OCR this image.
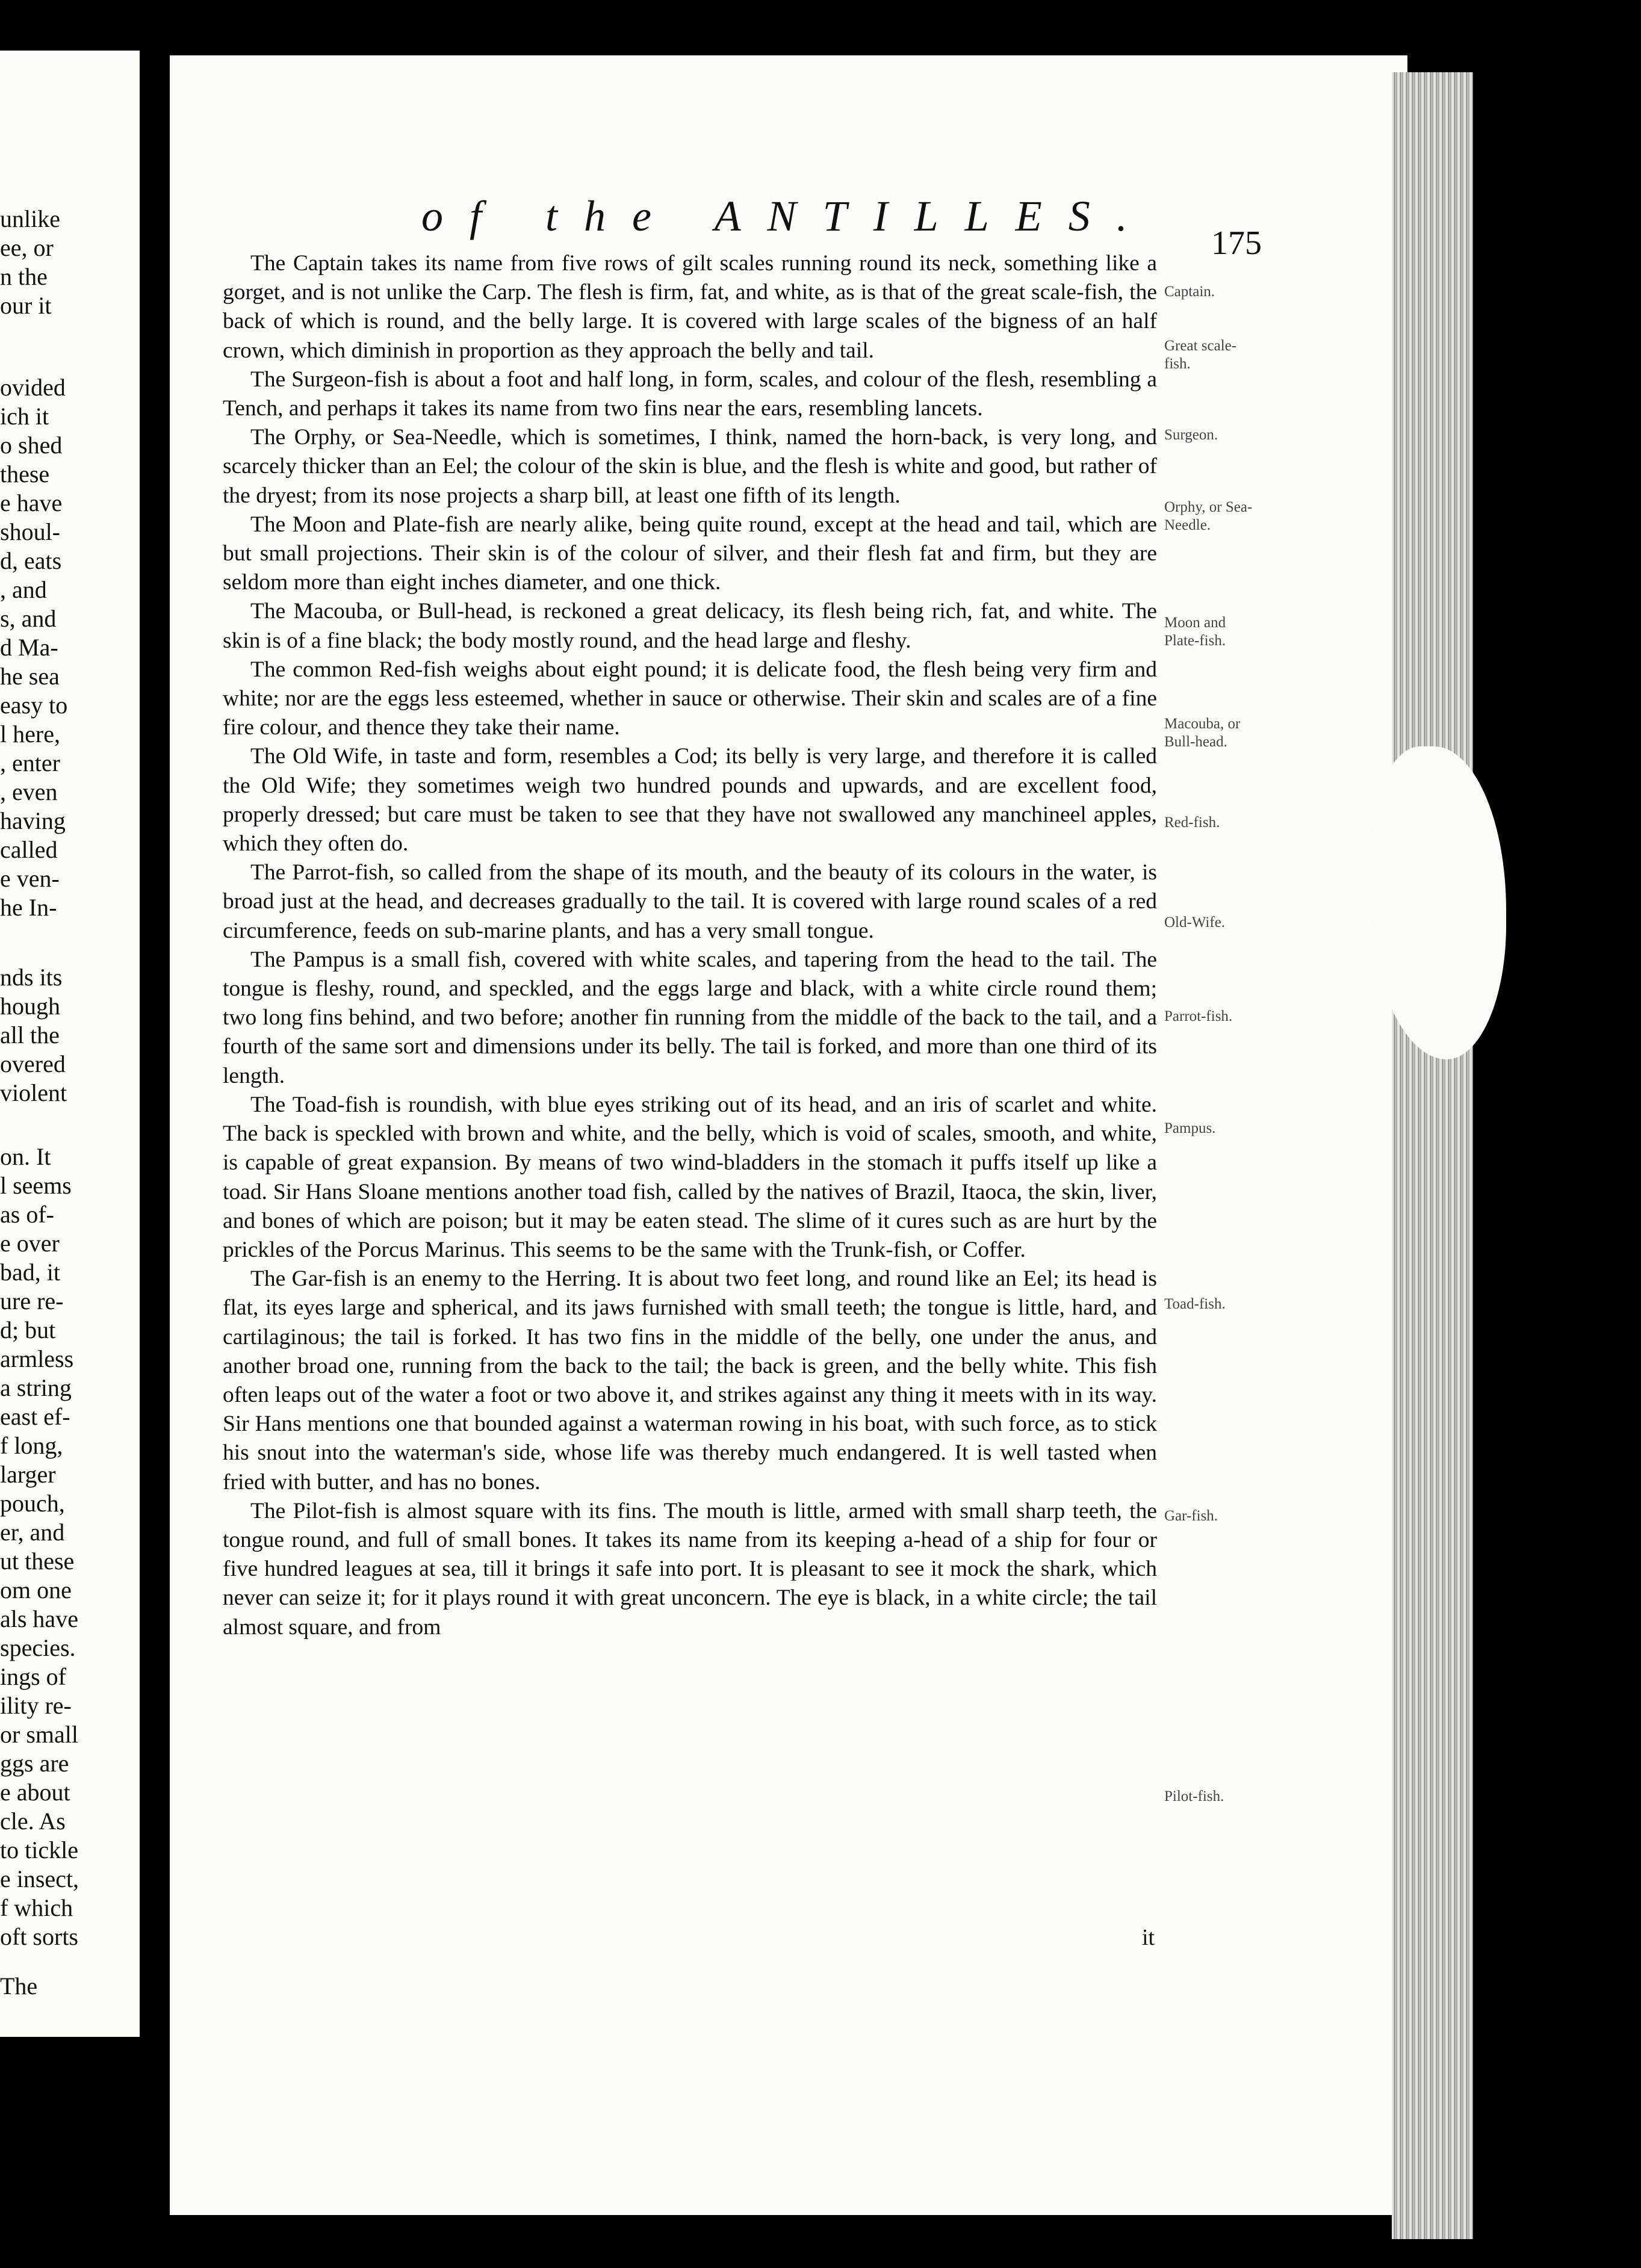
unlike
ee, or
n the
our it
ovided
ich it
o shed
these
e have
shoul-
d, eats
, and
s, and
d Ma-
he sea
easy to
l here,
, enter
, even
having
called
e ven-
he In-
nds its
hough
all the
overed
violent
on. It
l seems
as of-
e over
bad, it
ure re-
d; but
armless
a string
east ef-
f long,
larger
pouch,
er, and
ut these
om one
als have
species.
ings of
ility re-
or small
ggs are
e about
cle. As
to tickle
e insect,
f which
oft sorts
The
of the ANTILLES.
175

The Captain takes its name from five rows of gilt scales running round its neck, something like a gorget, and is not unlike the Carp. The flesh is firm, fat, and white, as is that of the great scale-fish, the back of which is round, and the belly large. It is covered with large scales of the bigness of an half crown, which diminish in proportion as they approach the belly and tail.

The Surgeon-fish is about a foot and half long, in form, scales, and colour of the flesh, resembling a Tench, and perhaps it takes its name from two fins near the ears, resembling lancets.

The Orphy, or Sea-Needle, which is sometimes, I think, named the horn-back, is very long, and scarcely thicker than an Eel; the colour of the skin is blue, and the flesh is white and good, but rather of the dryest; from its nose projects a sharp bill, at least one fifth of its length.

The Moon and Plate-fish are nearly alike, being quite round, except at the head and tail, which are but small projections. Their skin is of the colour of silver, and their flesh fat and firm, but they are seldom more than eight inches diameter, and one thick.

The Macouba, or Bull-head, is reckoned a great delicacy, its flesh being rich, fat, and white. The skin is of a fine black; the body mostly round, and the head large and fleshy.

The common Red-fish weighs about eight pound; it is delicate food, the flesh being very firm and white; nor are the eggs less esteemed, whether in sauce or otherwise. Their skin and scales are of a fine fire colour, and thence they take their name.

The Old Wife, in taste and form, resembles a Cod; its belly is very large, and therefore it is called the Old Wife; they sometimes weigh two hundred pounds and upwards, and are excellent food, properly dressed; but care must be taken to see that they have not swallowed any manchineel apples, which they often do.

The Parrot-fish, so called from the shape of its mouth, and the beauty of its colours in the water, is broad just at the head, and decreases gradually to the tail. It is covered with large round scales of a red circumference, feeds on sub-marine plants, and has a very small tongue.

The Pampus is a small fish, covered with white scales, and tapering from the head to the tail. The tongue is fleshy, round, and speckled, and the eggs large and black, with a white circle round them; two long fins behind, and two before; another fin running from the middle of the back to the tail, and a fourth of the same sort and dimensions under its belly. The tail is forked, and more than one third of its length.

The Toad-fish is roundish, with blue eyes striking out of its head, and an iris of scarlet and white. The back is speckled with brown and white, and the belly, which is void of scales, smooth, and white, is capable of great expansion. By means of two wind-bladders in the stomach it puffs itself up like a toad. Sir Hans Sloane mentions another toad fish, called by the natives of Brazil, Itaoca, the skin, liver, and bones of which are poison; but it may be eaten stead. The slime of it cures such as are hurt by the prickles of the Porcus Marinus. This seems to be the same with the Trunk-fish, or Coffer.

The Gar-fish is an enemy to the Herring. It is about two feet long, and round like an Eel; its head is flat, its eyes large and spherical, and its jaws furnished with small teeth; the tongue is little, hard, and cartilaginous; the tail is forked. It has two fins in the middle of the belly, one under the anus, and another broad one, running from the back to the tail; the back is green, and the belly white. This fish often leaps out of the water a foot or two above it, and strikes against any thing it meets with in its way. Sir Hans mentions one that bounded against a waterman rowing in his boat, with such force, as to stick his snout into the waterman's side, whose life was thereby much endangered. It is well tasted when fried with butter, and has no bones.

The Pilot-fish is almost square with its fins. The mouth is little, armed with small sharp teeth, the tongue round, and full of small bones. It takes its name from its keeping a-head of a ship for four or five hundred leagues at sea, till it brings it safe into port. It is pleasant to see it mock the shark, which never can seize it; for it plays round it with great unconcern. The eye is black, in a white circle; the tail almost square, and from

it
Captain.
Great scale-fish.
Surgeon.
Orphy, or Sea-Needle.
Moon and Plate-fish.
Macouba, or Bull-head.
Red-fish.
Old-Wife.
Parrot-fish.
Pampus.
Toad-fish.
Gar-fish.
Pilot-fish.
